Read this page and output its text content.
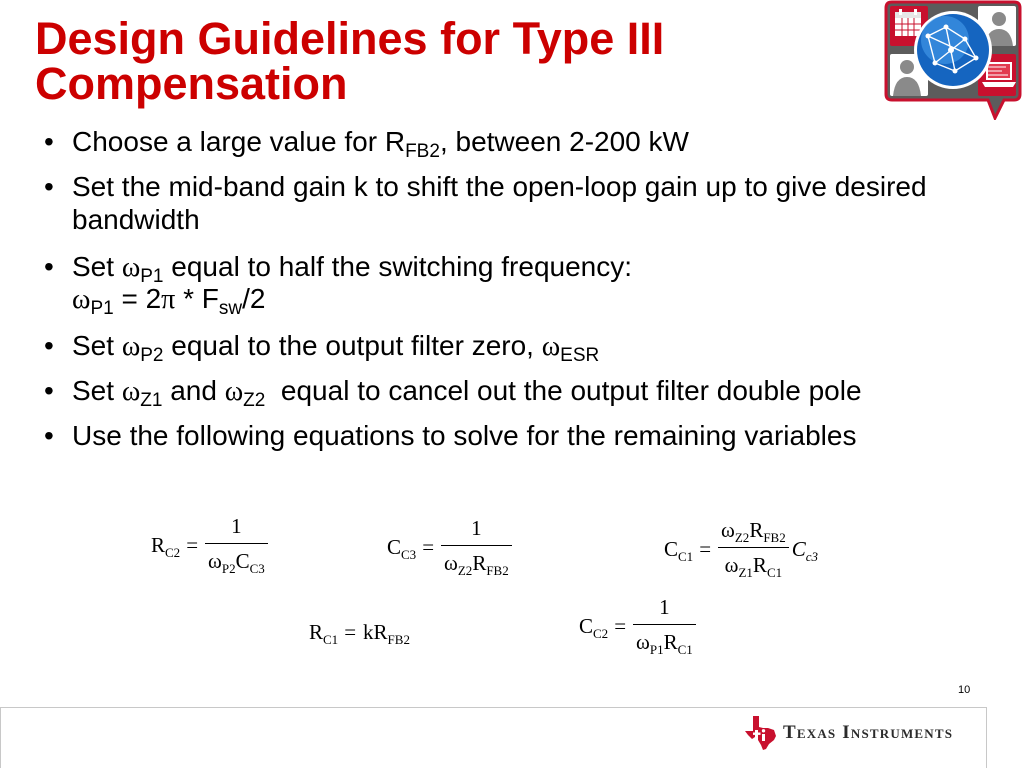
Design Guidelines for Type III
Compensation
• Choose a large value for $R_{FB2}$, between 2-200 kW
• Set the mid-band gain k to shift the open-loop gain up to give desired
bandwidth
• Set $\omega_{P1}$ equal to half the switching frequency:
$\omega_{P1} = 2\pi * F_{sw}/2$
• Set $\omega_{P2}$ equal to the output filter zero, $\omega_{ESR}$
• Set $\omega_{Z1}$ and $\omega_{Z2}$  equal to cancel out the output filter double pole
• Use the following equations to solve for the remaining variables
$R_{C2} = \frac{1}{\omega_{P2}C_{C3}}$	$C_{C3} = \frac{1}{\omega_{Z2}R_{FB2}}$	$C_{C1} = \frac{\omega_{Z2}R_{FB2}}{\omega_{Z1}R_{C1}} C_{c3}$
$R_{C1} = kR_{FB2}$
$C_{C2} = \frac{1}{\omega_{P1}R_{C1}}$
10
Texas Instruments
